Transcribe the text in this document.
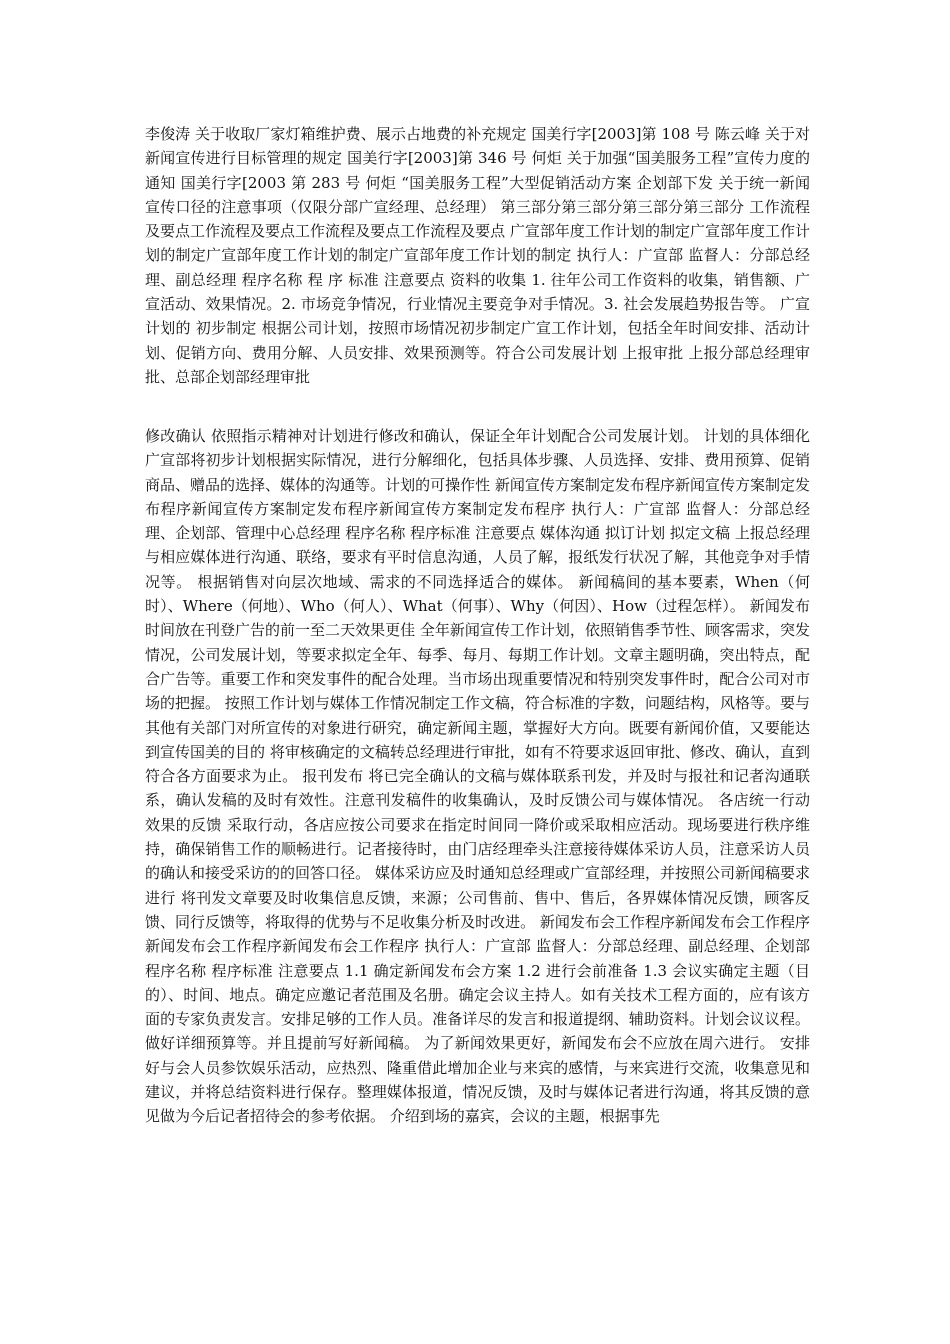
李俊涛 关于收取厂家灯箱维护费、展示占地费的补充规定 国美行字[2003]第 108 号 陈云峰 关于对新闻宣传进行目标管理的规定 国美行字[2003]第 346 号 何炬 关于加强“国美服务工程”宣传力度的通知 国美行字[2003 第 283 号 何炬 “国美服务工程”大型促销活动方案 企划部下发 关于统一新闻宣传口径的注意事项（仅限分部广宣经理、总经理） 第三部分第三部分第三部分第三部分 工作流程及要点工作流程及要点工作流程及要点工作流程及要点 广宣部年度工作计划的制定广宣部年度工作计划的制定广宣部年度工作计划的制定广宣部年度工作计划的制定 执行人：广宣部 监督人：分部总经理、副总经理 程序名称 程 序 标准 注意要点 资料的收集 1. 往年公司工作资料的收集，销售额、广宣活动、效果情况。2. 市场竞争情况，行业情况主要竞争对手情况。3. 社会发展趋势报告等。 广宣计划的 初步制定 根据公司计划，按照市场情况初步制定广宣工作计划，包括全年时间安排、活动计划、促销方向、费用分解、人员安排、效果预测等。符合公司发展计划 上报审批 上报分部总经理审批、总部企划部经理审批
修改确认 依照指示精神对计划进行修改和确认，保证全年计划配合公司发展计划。 计划的具体细化 广宣部将初步计划根据实际情况，进行分解细化，包括具体步骤、人员选择、安排、费用预算、促销商品、赠品的选择、媒体的沟通等。计划的可操作性 新闻宣传方案制定发布程序新闻宣传方案制定发布程序新闻宣传方案制定发布程序新闻宣传方案制定发布程序 执行人：广宣部 监督人：分部总经理、企划部、管理中心总经理 程序名称 程序标准 注意要点 媒体沟通 拟订计划 拟定文稿 上报总经理 与相应媒体进行沟通、联络，要求有平时信息沟通，人员了解，报纸发行状况了解，其他竞争对手情况等。 根据销售对向层次地域、需求的不同选择适合的媒体。 新闻稿间的基本要素，When（何时）、Where（何地）、Who（何人）、What（何事）、Why（何因）、How（过程怎样）。 新闻发布时间放在刊登广告的前一至二天效果更佳 全年新闻宣传工作计划，依照销售季节性、顾客需求，突发情况，公司发展计划，等要求拟定全年、每季、每月、每期工作计划。文章主题明确，突出特点，配合广告等。重要工作和突发事件的配合处理。当市场出现重要情况和特别突发事件时，配合公司对市场的把握。 按照工作计划与媒体工作情况制定工作文稿，符合标准的字数，问题结构，风格等。要与其他有关部门对所宣传的对象进行研究，确定新闻主题，掌握好大方向。既要有新闻价值，又要能达到宣传国美的目的 将审核确定的文稿转总经理进行审批，如有不符要求返回审批、修改、确认，直到符合各方面要求为止。 报刊发布 将已完全确认的文稿与媒体联系刊发，并及时与报社和记者沟通联系，确认发稿的及时有效性。注意刊发稿件的收集确认，及时反馈公司与媒体情况。 各店统一行动 效果的反馈 采取行动，各店应按公司要求在指定时间同一降价或采取相应活动。现场要进行秩序维持，确保销售工作的顺畅进行。记者接待时，由门店经理牵头注意接待媒体采访人员，注意采访人员的确认和接受采访的的回答口径。 媒体采访应及时通知总经理或广宣部经理，并按照公司新闻稿要求进行 将刊发文章要及时收集信息反馈，来源；公司售前、售中、售后，各界媒体情况反馈，顾客反馈、同行反馈等，将取得的优势与不足收集分析及时改进。 新闻发布会工作程序新闻发布会工作程序新闻发布会工作程序新闻发布会工作程序 执行人：广宣部 监督人：分部总经理、副总经理、企划部 程序名称 程序标准 注意要点 1.1 确定新闻发布会方案 1.2 进行会前准备 1.3 会议实确定主题（目的）、时间、地点。确定应邀记者范围及名册。确定会议主持人。如有关技术工程方面的，应有该方面的专家负责发言。安排足够的工作人员。准备详尽的发言和报道提纲、辅助资料。计划会议议程。做好详细预算等。并且提前写好新闻稿。 为了新闻效果更好，新闻发布会不应放在周六进行。 安排好与会人员参饮娱乐活动，应热烈、隆重借此增加企业与来宾的感情，与来宾进行交流，收集意见和建议，并将总结资料进行保存。整理媒体报道，情况反馈，及时与媒体记者进行沟通，将其反馈的意见做为今后记者招待会的参考依据。 介绍到场的嘉宾，会议的主题，根据事先
